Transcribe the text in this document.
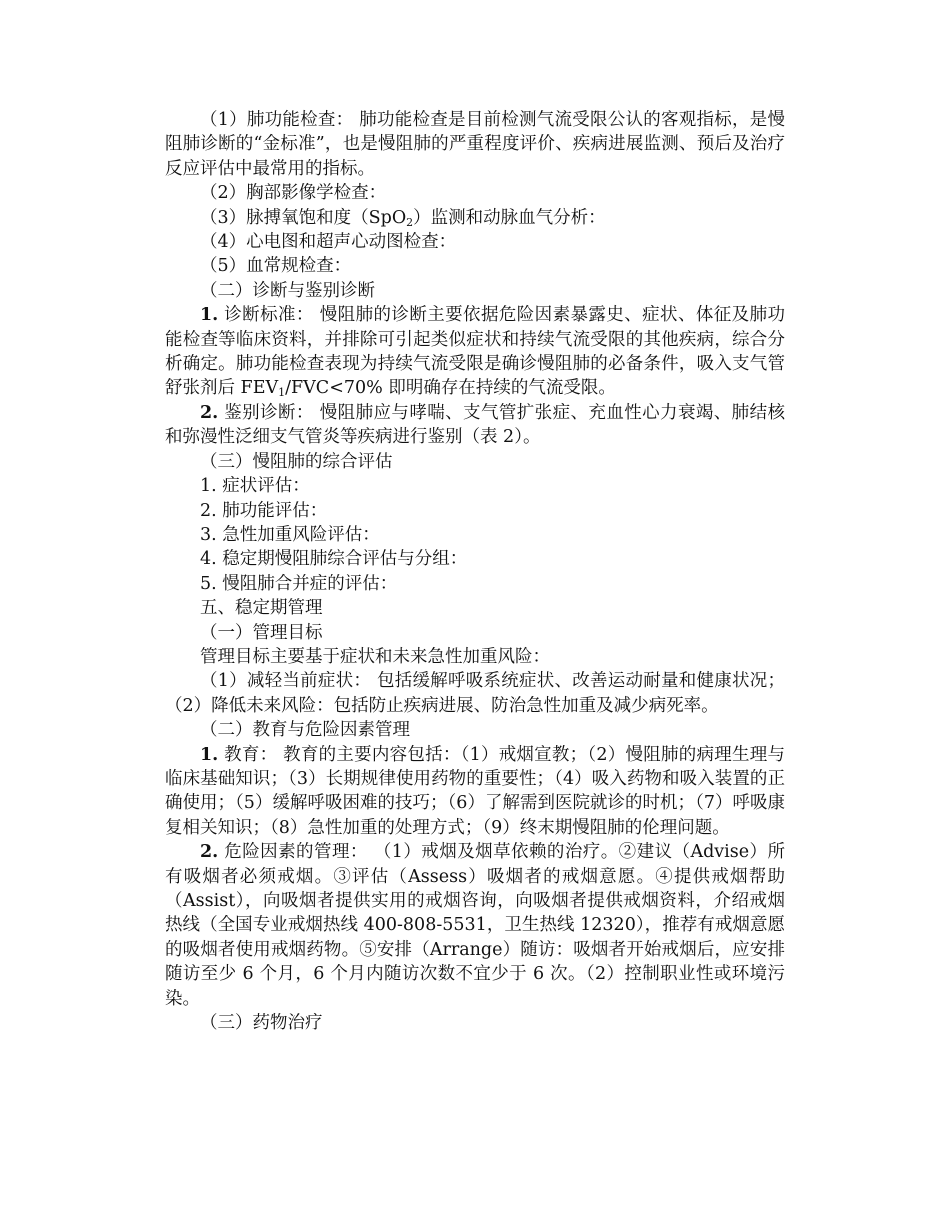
（1）肺功能检查： 肺功能检查是目前检测气流受限公认的客观指标，是慢阻肺诊断的“金标准”，也是慢阻肺的严重程度评价、疾病进展监测、预后及治疗反应评估中最常用的指标。

（2）胸部影像学检查：

（3）脉搏氧饱和度（SpO$_2$）监测和动脉血气分析：

（4）心电图和超声心动图检查：

（5）血常规检查：

（二）诊断与鉴别诊断

1. 诊断标准： 慢阻肺的诊断主要依据危险因素暴露史、症状、体征及肺功能检查等临床资料，并排除可引起类似症状和持续气流受限的其他疾病，综合分析确定。肺功能检查表现为持续气流受限是确诊慢阻肺的必备条件，吸入支气管舒张剂后 $FEV_1/FVC<70\%$ 即明确存在持续的气流受限。

2. 鉴别诊断： 慢阻肺应与哮喘、支气管扩张症、充血性心力衰竭、肺结核和弥漫性泛细支气管炎等疾病进行鉴别（表 2）。

（三）慢阻肺的综合评估

1. 症状评估：

2. 肺功能评估：

3. 急性加重风险评估：

4. 稳定期慢阻肺综合评估与分组：

5. 慢阻肺合并症的评估：

五、稳定期管理

（一）管理目标

管理目标主要基于症状和未来急性加重风险：

（1）减轻当前症状： 包括缓解呼吸系统症状、改善运动耐量和健康状况；（2）降低未来风险：包括防止疾病进展、防治急性加重及减少病死率。

（二）教育与危险因素管理

1. 教育： 教育的主要内容包括：（1）戒烟宣教；（2）慢阻肺的病理生理与临床基础知识；（3）长期规律使用药物的重要性；（4）吸入药物和吸入装置的正确使用；（5）缓解呼吸困难的技巧；（6）了解需到医院就诊的时机；（7）呼吸康复相关知识；（8）急性加重的处理方式；（9）终末期慢阻肺的伦理问题。

2. 危险因素的管理： （1）戒烟及烟草依赖的治疗。②建议（Advise）所有吸烟者必须戒烟。③评估（Assess）吸烟者的戒烟意愿。④提供戒烟帮助（Assist），向吸烟者提供实用的戒烟咨询，向吸烟者提供戒烟资料，介绍戒烟热线（全国专业戒烟热线 400-808-5531，卫生热线 12320），推荐有戒烟意愿的吸烟者使用戒烟药物。⑤安排（Arrange）随访：吸烟者开始戒烟后，应安排随访至少 6 个月，6 个月内随访次数不宜少于 6 次。（2）控制职业性或环境污染。

（三）药物治疗
